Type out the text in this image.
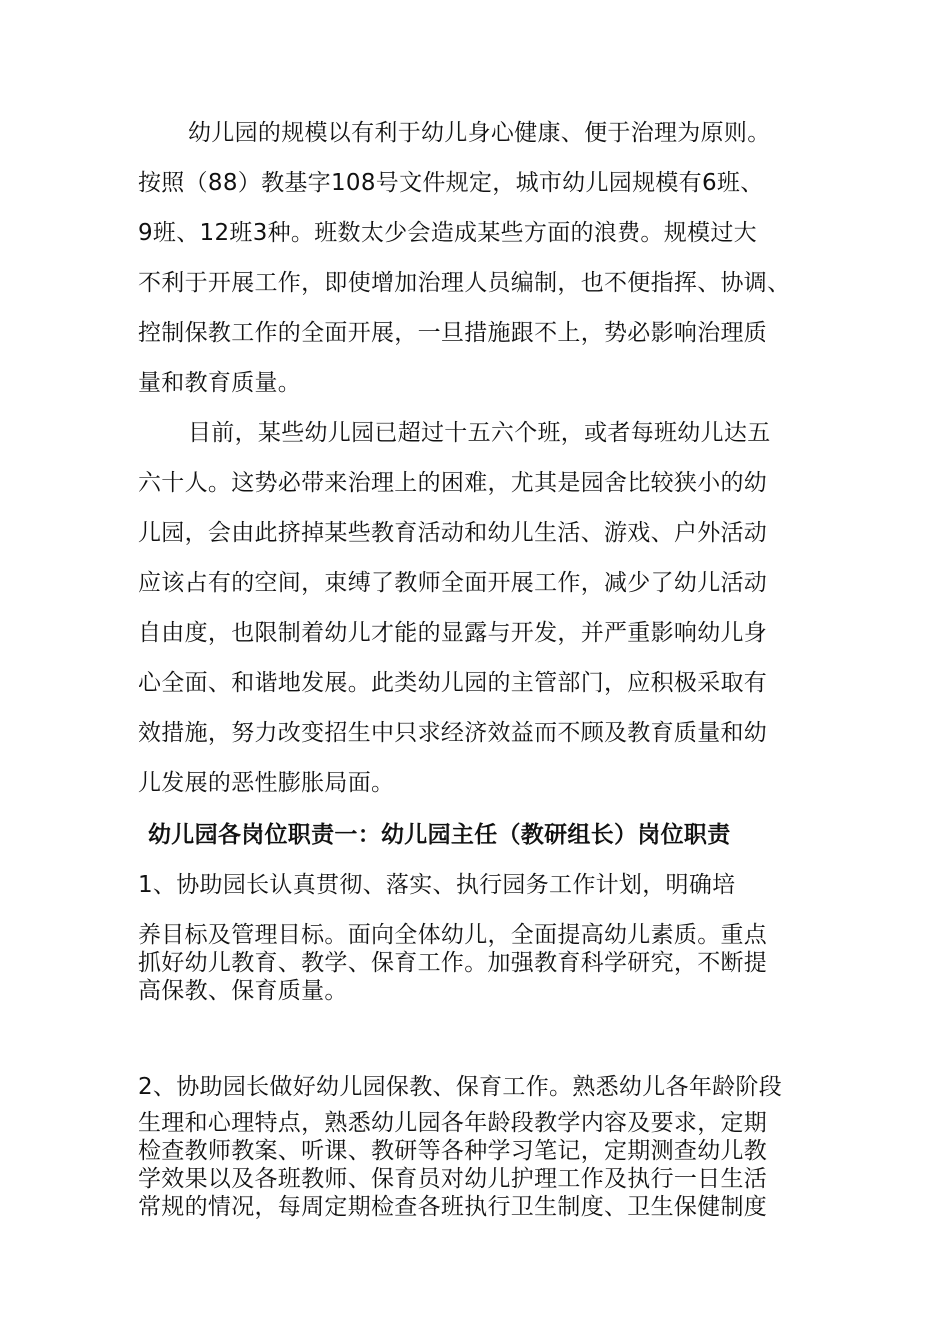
幼儿园的规模以有利于幼儿身心健康、便于治理为原则。

按照（88）教基字108号文件规定，城市幼儿园规模有6班、

9班、12班3种。班数太少会造成某些方面的浪费。规模过大

不利于开展工作，即使增加治理人员编制，也不便指挥、协调、

控制保教工作的全面开展，一旦措施跟不上，势必影响治理质

量和教育质量。

目前，某些幼儿园已超过十五六个班，或者每班幼儿达五

六十人。这势必带来治理上的困难，尤其是园舍比较狭小的幼

儿园，会由此挤掉某些教育活动和幼儿生活、游戏、户外活动

应该占有的空间，束缚了教师全面开展工作，减少了幼儿活动

自由度，也限制着幼儿才能的显露与开发，并严重影响幼儿身

心全面、和谐地发展。此类幼儿园的主管部门，应积极采取有

效措施，努力改变招生中只求经济效益而不顾及教育质量和幼

儿发展的恶性膨胀局面。

幼儿园各岗位职责一：幼儿园主任（教研组长）岗位职责

1、协助园长认真贯彻、落实、执行园务工作计划，明确培

养目标及管理目标。面向全体幼儿，全面提高幼儿素质。重点

抓好幼儿教育、教学、保育工作。加强教育科学研究，不断提

高保教、保育质量。

2、协助园长做好幼儿园保教、保育工作。熟悉幼儿各年龄阶段

生理和心理特点，熟悉幼儿园各年龄段教学内容及要求，定期

检查教师教案、听课、教研等各种学习笔记，定期测查幼儿教

学效果以及各班教师、保育员对幼儿护理工作及执行一日生活

常规的情况，每周定期检查各班执行卫生制度、卫生保健制度
